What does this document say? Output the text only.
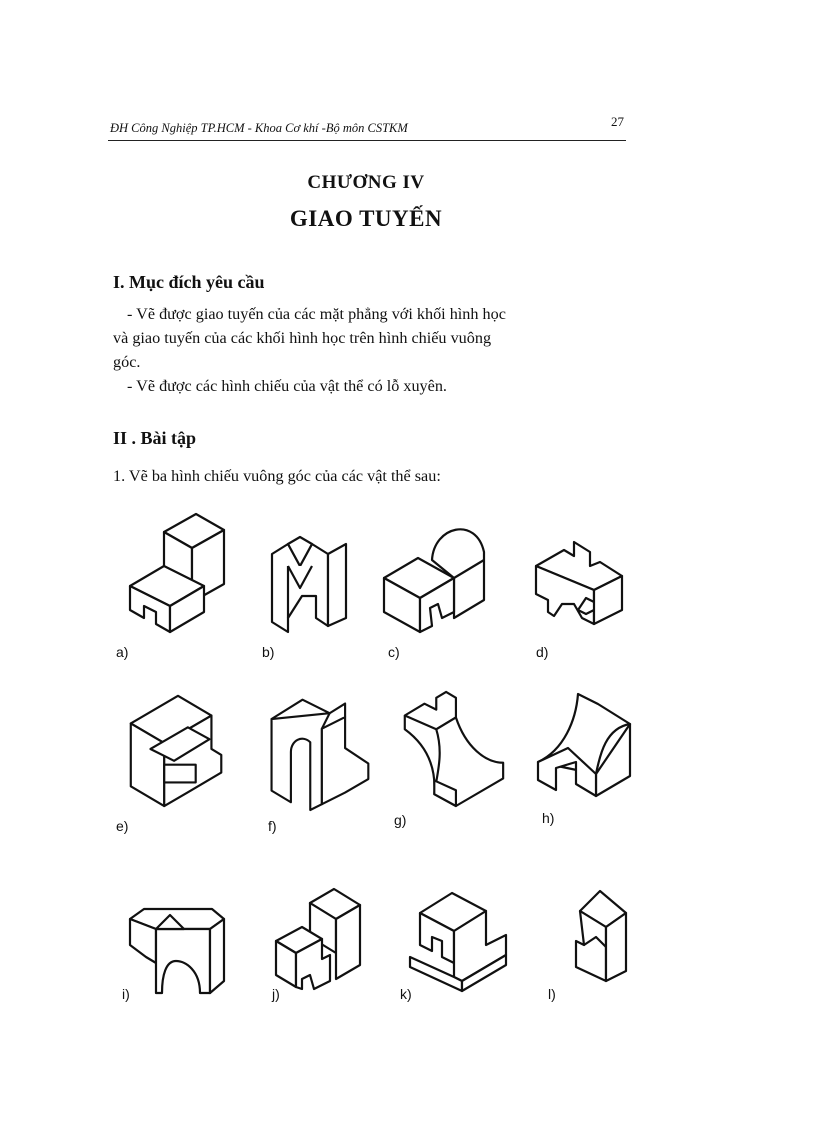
ĐH Công Nghiệp TP.HCM - Khoa Cơ khí -Bộ môn CSTKM	27
CHƯƠNG IV
GIAO TUYẾN
I. Mục đích yêu cầu
- Vẽ được giao tuyến của các mặt phẳng với khối hình học
và giao tuyến của các khối hình học trên hình chiếu vuông
góc.
- Vẽ được các hình chiếu của vật thể có lỗ xuyên.
II . Bài tập
1. Vẽ ba hình chiếu vuông góc của các vật thể sau:
a)	b)	c)	d)
e)	f)	g)	h)
i)	j)	k)	l)
